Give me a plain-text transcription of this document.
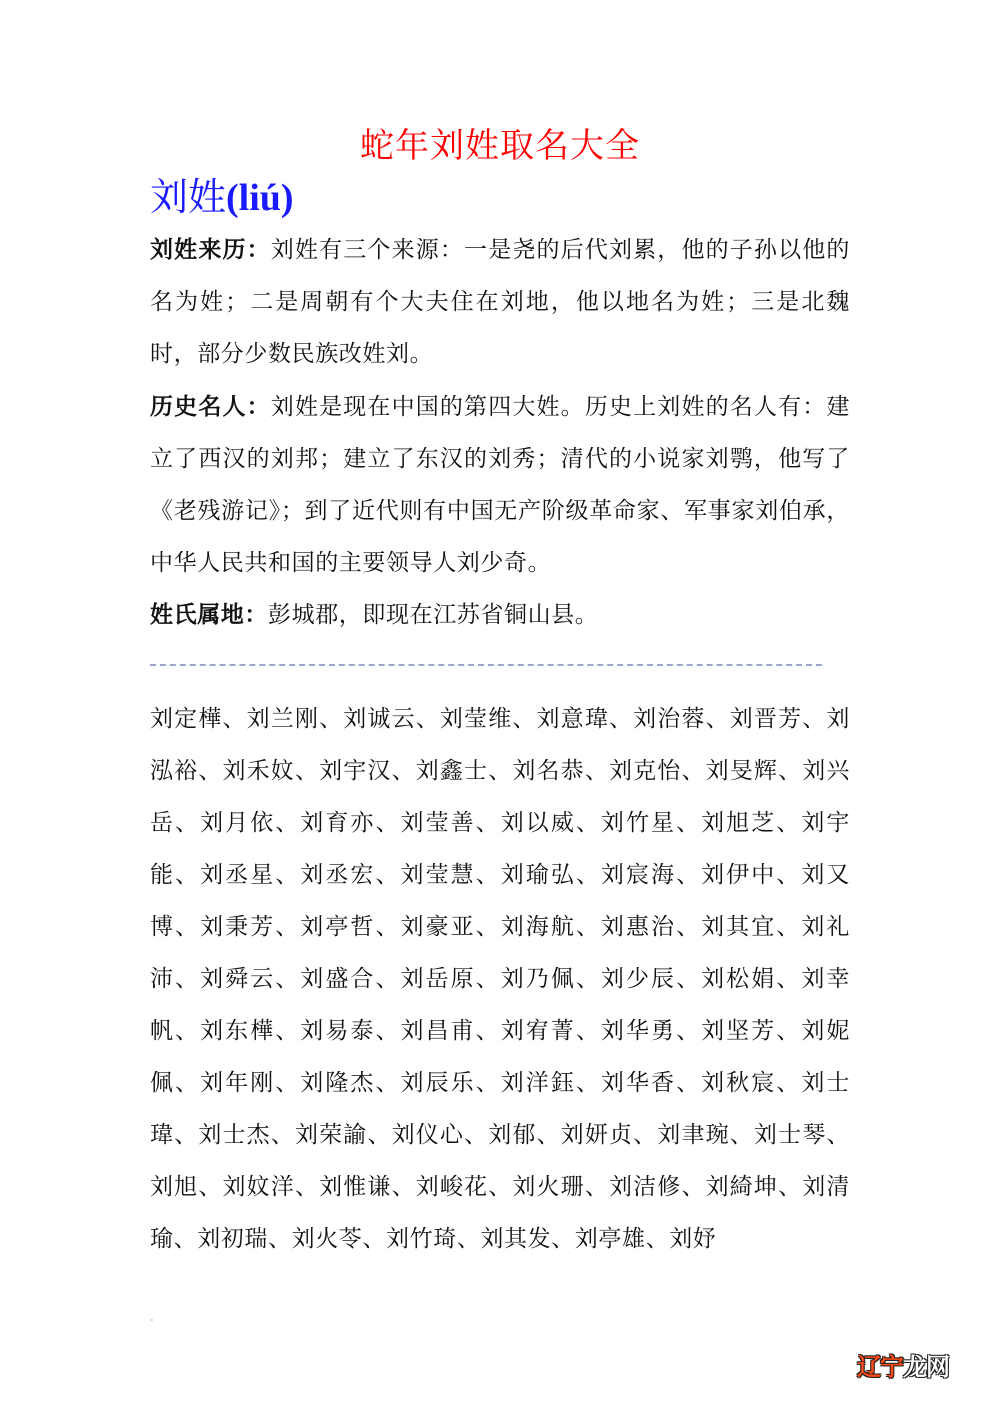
蛇年刘姓取名大全
刘姓(liú)
刘姓来历：刘姓有三个来源：一是尧的后代刘累，他的子孙以他的名为姓；二是周朝有个大夫住在刘地，他以地名为姓；三是北魏时，部分少数民族改姓刘。
历史名人：刘姓是现在中国的第四大姓。历史上刘姓的名人有：建立了西汉的刘邦；建立了东汉的刘秀；清代的小说家刘鹗，他写了《老残游记》；到了近代则有中国无产阶级革命家、军事家刘伯承，中华人民共和国的主要领导人刘少奇。
姓氏属地：彭城郡，即现在江苏省铜山县。
刘定樺、刘兰刚、刘诚云、刘莹维、刘意瑋、刘治蓉、刘晋芳、刘泓裕、刘禾妏、刘宇汉、刘鑫士、刘名恭、刘克怡、刘旻辉、刘兴岳、刘月依、刘育亦、刘莹善、刘以威、刘竹星、刘旭芝、刘宇能、刘丞星、刘丞宏、刘莹慧、刘瑜弘、刘宸海、刘伊中、刘又博、刘秉芳、刘亭哲、刘豪亚、刘海航、刘惠治、刘其宜、刘礼沛、刘舜云、刘盛合、刘岳原、刘乃佩、刘少辰、刘松娟、刘幸帆、刘东樺、刘易泰、刘昌甫、刘宥菁、刘华勇、刘坚芳、刘妮佩、刘年刚、刘隆杰、刘辰乐、刘洋鈺、刘华香、刘秋宸、刘士瑋、刘士杰、刘荣諭、刘仪心、刘郁、刘妍贞、刘聿琬、刘士琴、刘旭、刘妏洋、刘惟谦、刘峻花、刘火珊、刘洁修、刘綺坤、刘清瑜、刘初瑞、刘火苓、刘竹琦、刘其发、刘亭雄、刘妤
辽宁龙网
